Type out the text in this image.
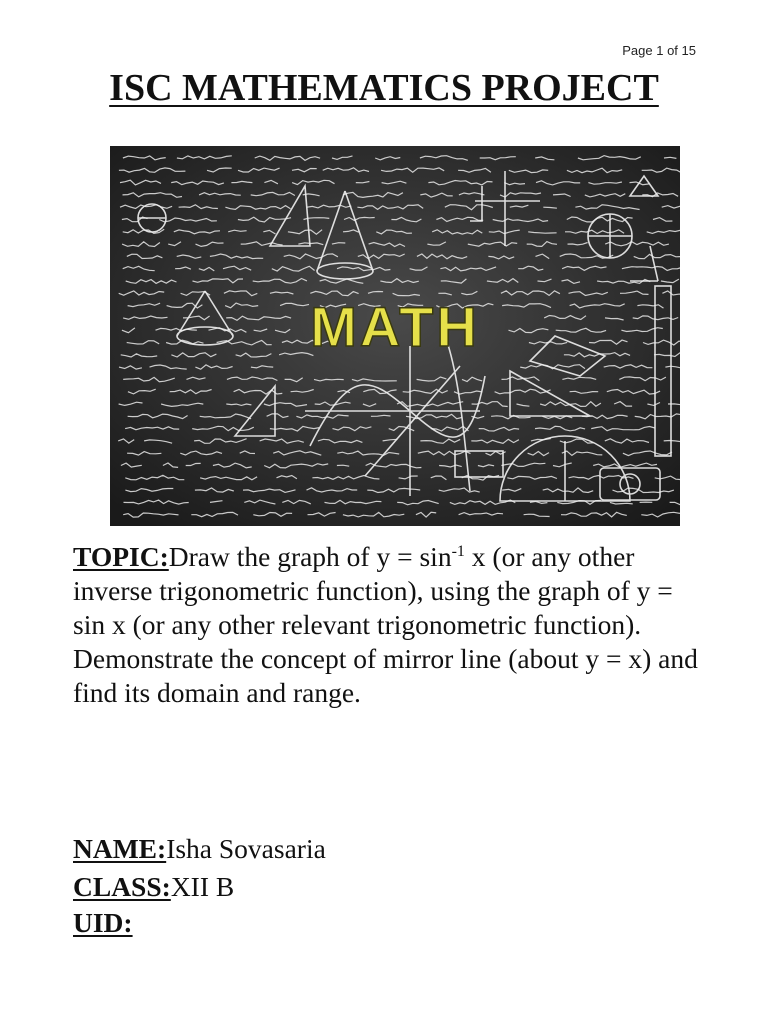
Page 1 of 15
ISC MATHEMATICS PROJECT
MATH

TOPIC:Draw the graph of $y = \sin^{-1} x$ (or any other inverse trigonometric function), using the graph of y = sin x (or any other relevant trigonometric function). Demonstrate the concept of mirror line (about y = x) and find its domain and range.

NAME:Isha Sovasaria

CLASS:XII B

UID:
